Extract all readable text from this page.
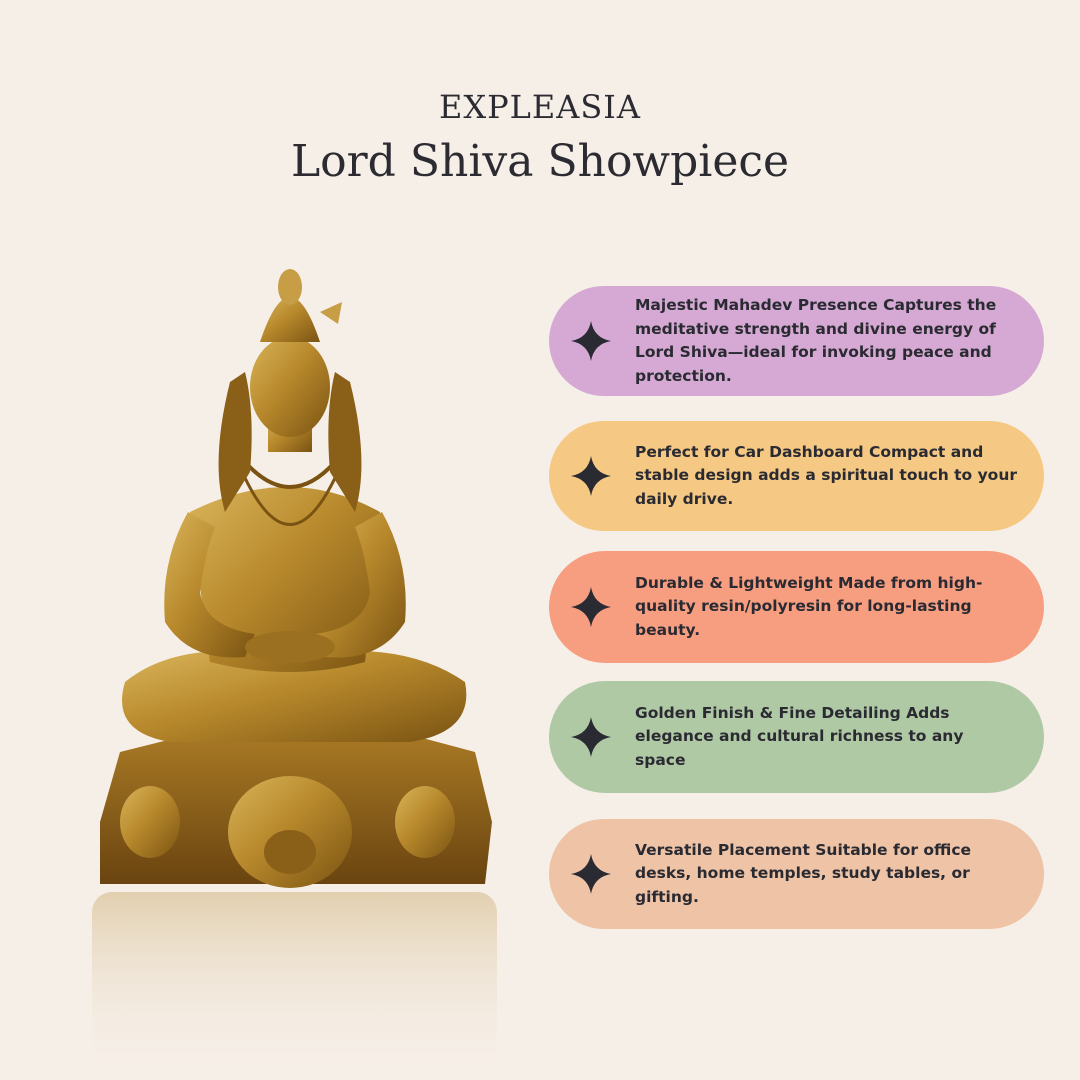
EXPLEASIA
Lord Shiva Showpiece
Majestic Mahadev Presence Captures the meditative strength and divine energy of Lord Shiva—ideal for invoking peace and protection.
Perfect for Car Dashboard Compact and stable design adds a spiritual touch to your daily drive.
Durable & Lightweight Made from high-quality resin/polyresin for long-lasting beauty.
Golden Finish & Fine Detailing Adds elegance and cultural richness to any space
Versatile Placement Suitable for office desks, home temples, study tables, or gifting.
